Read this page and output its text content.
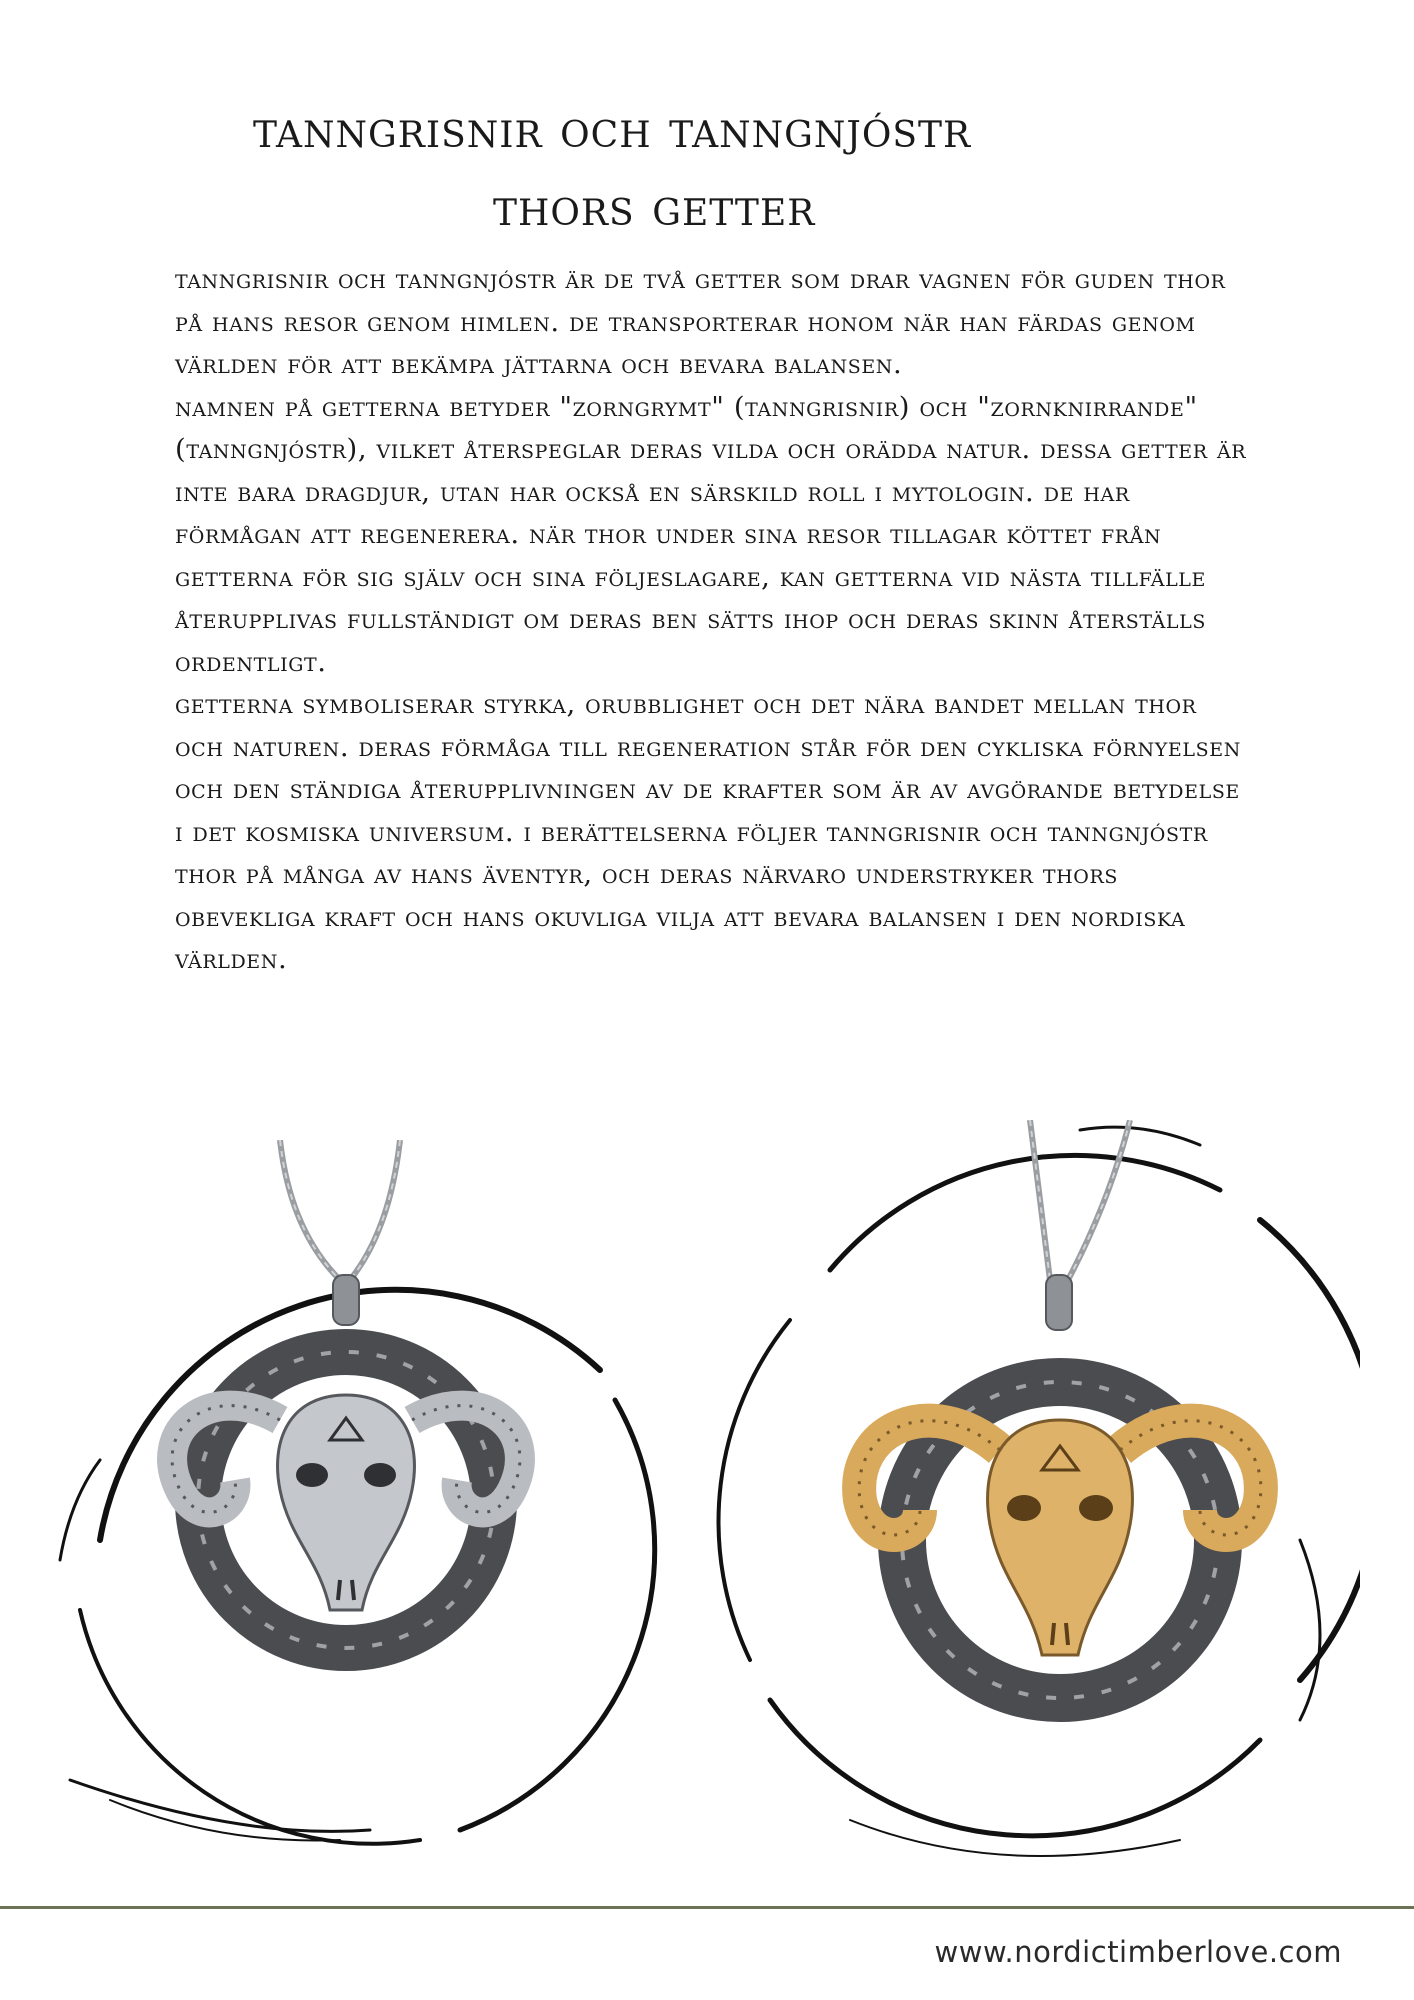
tanngrisnir och tanngnjóstr
thors getter

tanngrisnir och tanngnjóstr är de två getter som drar vagnen för guden thor på hans resor genom himlen. de transporterar honom när han färdas genom världen för att bekämpa jättarna och bevara balansen.

namnen på getterna betyder "zorngrymt" (tanngrisnir) och "zornknirrande" (tanngnjóstr), vilket återspeglar deras vilda och orädda natur. dessa getter är inte bara dragdjur, utan har också en särskild roll i mytologin. de har förmågan att regenerera. när thor under sina resor tillagar köttet från getterna för sig själv och sina följeslagare, kan getterna vid nästa tillfälle återupplivas fullständigt om deras ben sätts ihop och deras skinn återställs ordentligt.

getterna symboliserar styrka, orubblighet och det nära bandet mellan thor och naturen. deras förmåga till regeneration står för den cykliska förnyelsen och den ständiga återupplivningen av de krafter som är av avgörande betydelse i det kosmiska universum. i berättelserna följer tanngrisnir och tanngnjóstr thor på många av hans äventyr, och deras närvaro understryker thors obevekliga kraft och hans okuvliga vilja att bevara balansen i den nordiska världen.

www.nordictimberlove.com
